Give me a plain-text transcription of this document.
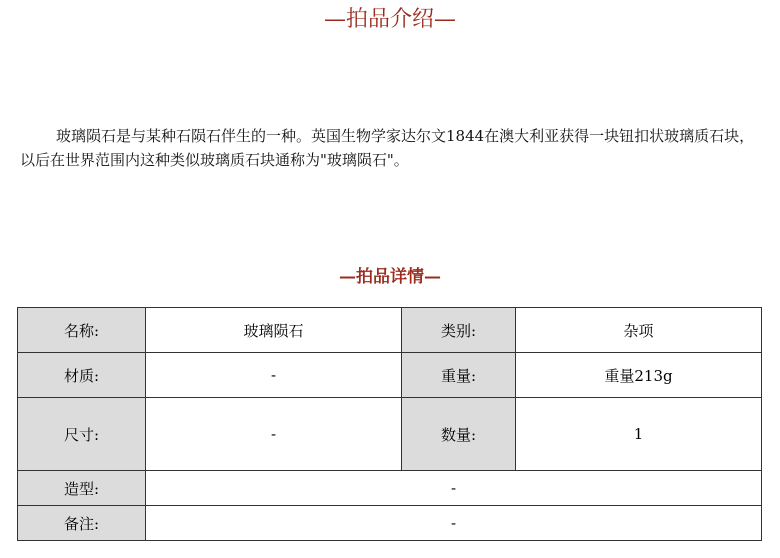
—拍品介绍—
玻璃陨石是与某种石陨石伴生的一种。英国生物学家达尔文1844在澳大利亚获得一块钮扣状玻璃质石块，以后在世界范围内这种类似玻璃质石块通称为"玻璃陨石"。
—拍品详情—
名称:	玻璃陨石	类别:	杂项
材质:	-	重量:	重量213g
尺寸:	-	数量:	1
造型:	-		
备注:	-		
